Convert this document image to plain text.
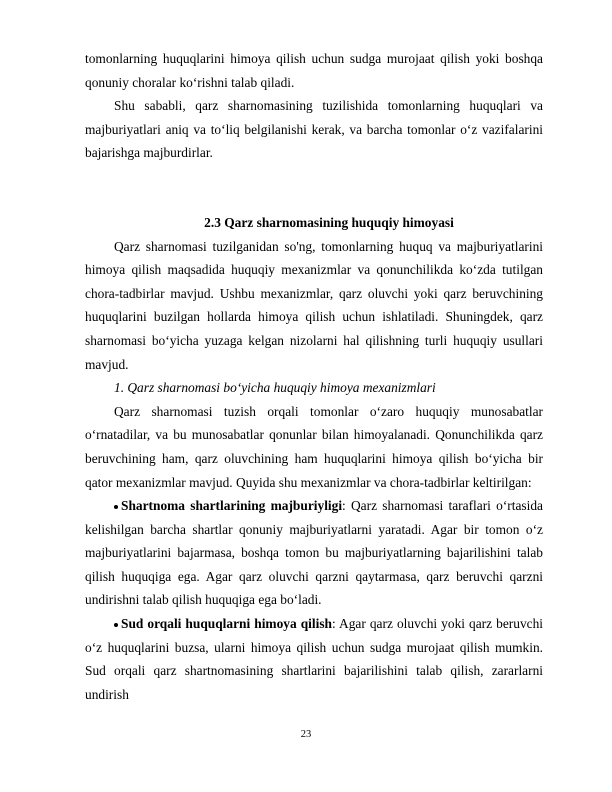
tomonlarning huquqlarini himoya qilish uchun sudga murojaat qilish yoki boshqa qonuniy choralar ko‘rishni talab qiladi.

Shu sababli, qarz sharnomasining tuzilishida tomonlarning huquqlari va majburiyatlari aniq va to‘liq belgilanishi kerak, va barcha tomonlar o‘z vazifalarini bajarishga majburdirlar.

2.3 Qarz sharnomasining huquqiy himoyasi

Qarz sharnomasi tuzilganidan so'ng, tomonlarning huquq va majburiyatlarini himoya qilish maqsadida huquqiy mexanizmlar va qonunchilikda ko‘zda tutilgan chora-tadbirlar mavjud. Ushbu mexanizmlar, qarz oluvchi yoki qarz beruvchining huquqlarini buzilgan hollarda himoya qilish uchun ishlatiladi. Shuningdek, qarz sharnomasi bo‘yicha yuzaga kelgan nizolarni hal qilishning turli huquqiy usullari mavjud.

1. Qarz sharnomasi bo‘yicha huquqiy himoya mexanizmlari

Qarz sharnomasi tuzish orqali tomonlar o‘zaro huquqiy munosabatlar o‘rnatadilar, va bu munosabatlar qonunlar bilan himoyalanadi. Qonunchilikda qarz beruvchining ham, qarz oluvchining ham huquqlarini himoya qilish bo‘yicha bir qator mexanizmlar mavjud. Quyida shu mexanizmlar va chora-tadbirlar keltirilgan:

Shartnoma shartlarining majburiyligi: Qarz sharnomasi taraflari o‘rtasida kelishilgan barcha shartlar qonuniy majburiyatlarni yaratadi. Agar bir tomon o‘z majburiyatlarini bajarmasa, boshqa tomon bu majburiyatlarning bajarilishini talab qilish huquqiga ega. Agar qarz oluvchi qarzni qaytarmasa, qarz beruvchi qarzni undirishni talab qilish huquqiga ega bo‘ladi.

Sud orqali huquqlarni himoya qilish: Agar qarz oluvchi yoki qarz beruvchi o‘z huquqlarini buzsa, ularni himoya qilish uchun sudga murojaat qilish mumkin. Sud orqali qarz shartnomasining shartlarini bajarilishini talab qilish, zararlarni undirish

23
